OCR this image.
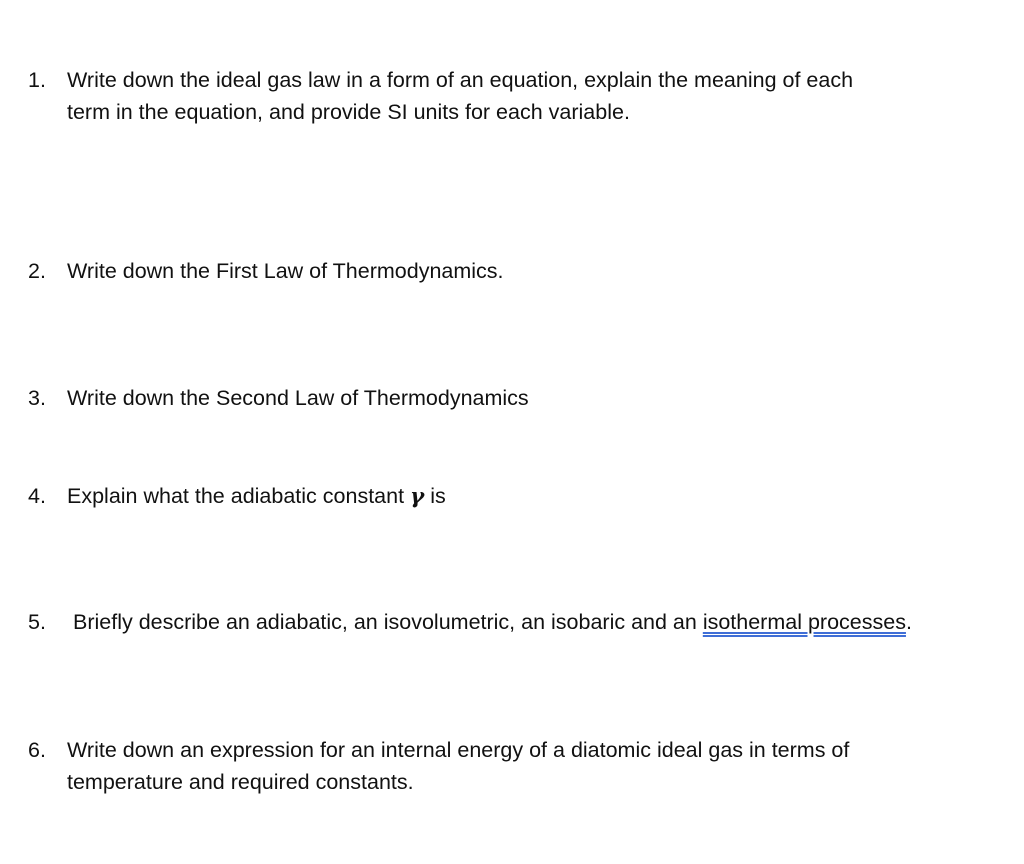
1. Write down the ideal gas law in a form of an equation, explain the meaning of each
term in the equation, and provide SI units for each variable.
2. Write down the First Law of Thermodynamics.
3. Write down the Second Law of Thermodynamics
4. Explain what the adiabatic constant γ is
5. Briefly describe an adiabatic, an isovolumetric, an isobaric and an isothermal processes.
6. Write down an expression for an internal energy of a diatomic ideal gas in terms of
temperature and required constants.
